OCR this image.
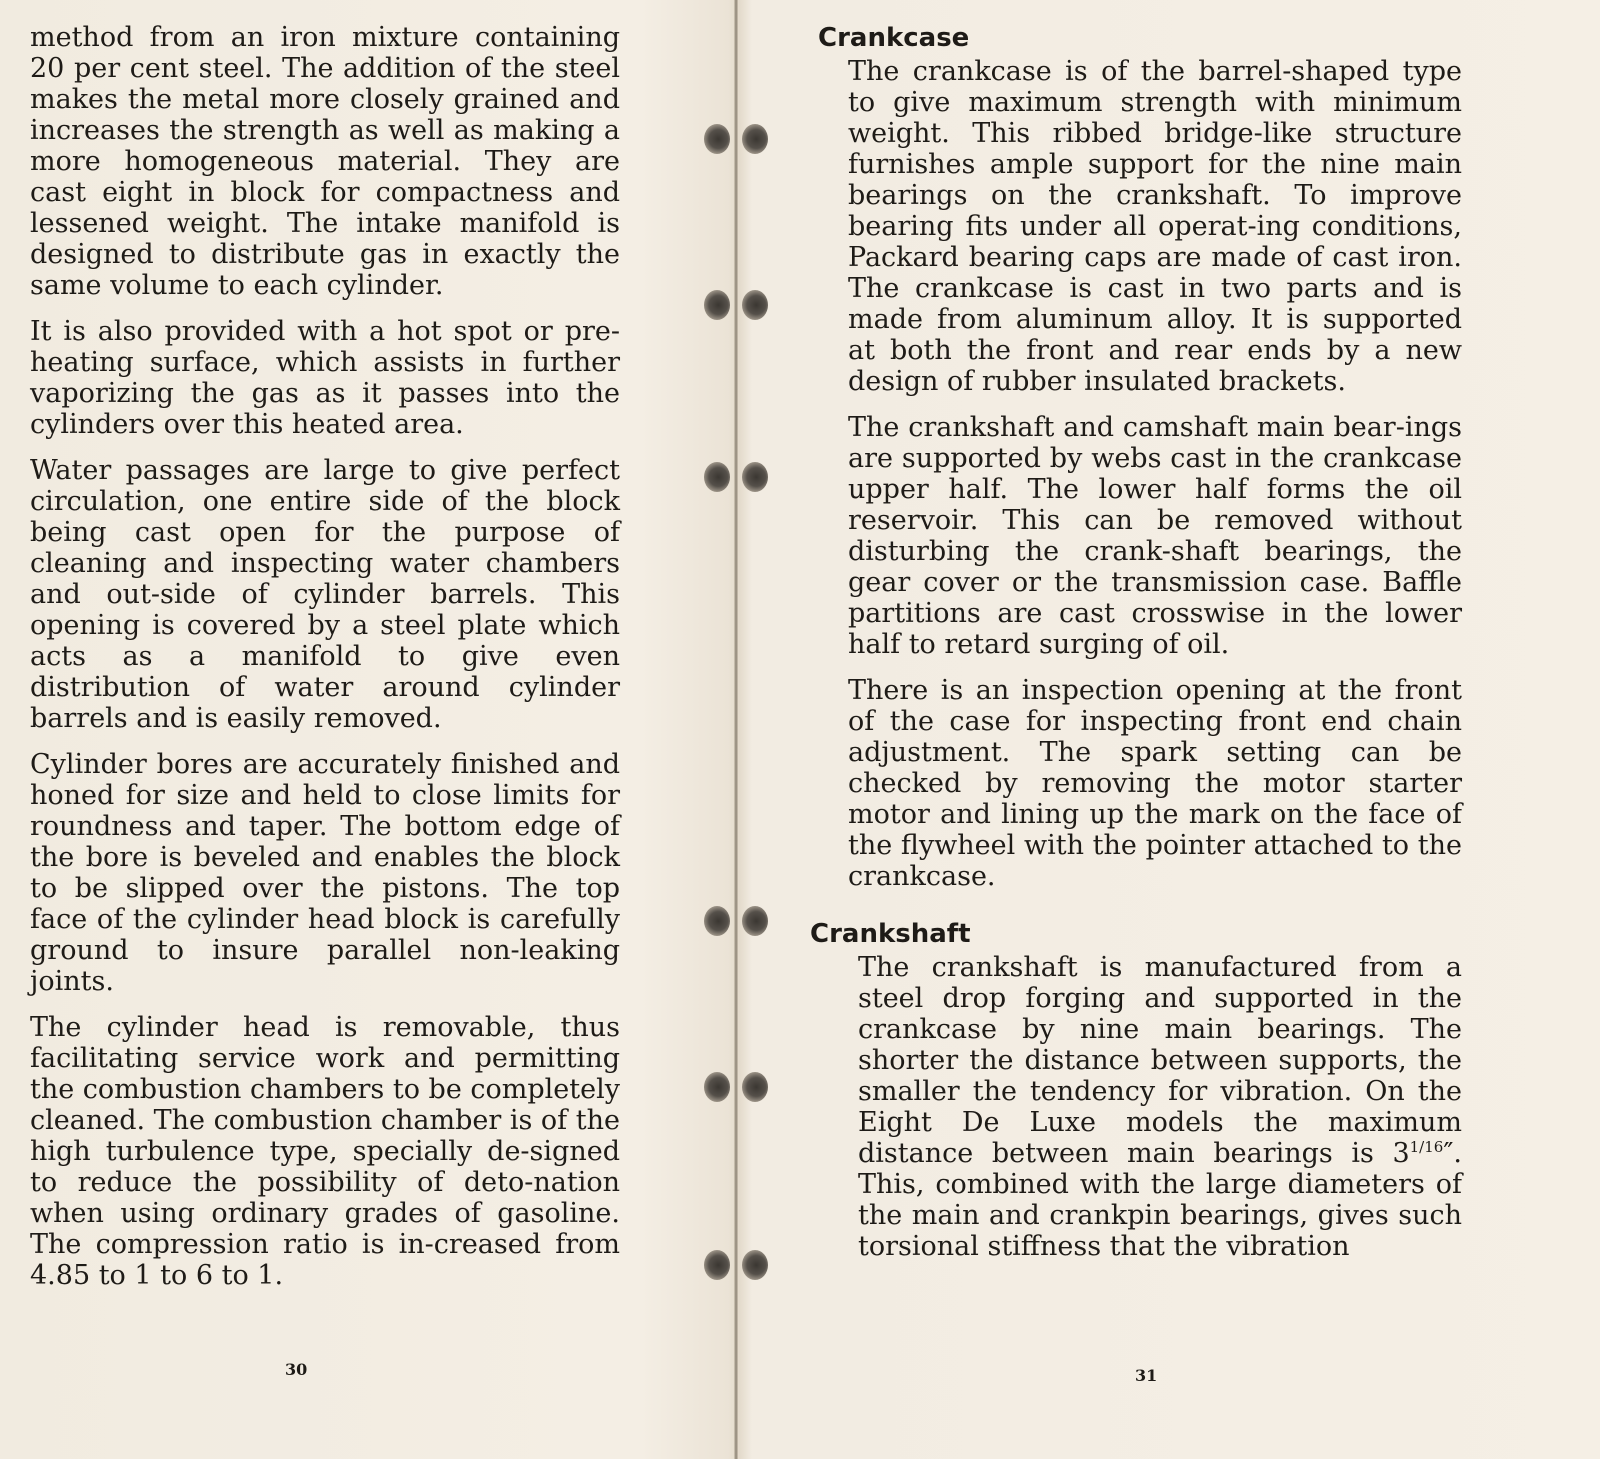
method from an iron mixture containing 20 per cent steel. The addition of the steel makes the metal more closely grained and increases the strength as well as making a more homogeneous material. They are cast eight in block for compactness and lessened weight. The intake manifold is designed to distribute gas in exactly the same volume to each cylinder.

It is also provided with a hot spot or pre-heating surface, which assists in further vaporizing the gas as it passes into the cylinders over this heated area.

Water passages are large to give perfect circulation, one entire side of the block being cast open for the purpose of cleaning and inspecting water chambers and out-side of cylinder barrels. This opening is covered by a steel plate which acts as a manifold to give even distribution of water around cylinder barrels and is easily removed.

Cylinder bores are accurately finished and honed for size and held to close limits for roundness and taper. The bottom edge of the bore is beveled and enables the block to be slipped over the pistons. The top face of the cylinder head block is carefully ground to insure parallel non-leaking joints.

The cylinder head is removable, thus facilitating service work and permitting the combustion chambers to be completely cleaned. The combustion chamber is of the high turbulence type, specially de-signed to reduce the possibility of deto-nation when using ordinary grades of gasoline. The compression ratio is in-creased from 4.85 to 1 to 6 to 1.

30
Crankcase

The crankcase is of the barrel-shaped type to give maximum strength with minimum weight. This ribbed bridge-like structure furnishes ample support for the nine main bearings on the crankshaft. To improve bearing fits under all operat-ing conditions, Packard bearing caps are made of cast iron. The crankcase is cast in two parts and is made from aluminum alloy. It is supported at both the front and rear ends by a new design of rubber insulated brackets.

The crankshaft and camshaft main bear-ings are supported by webs cast in the crankcase upper half. The lower half forms the oil reservoir. This can be removed without disturbing the crank-shaft bearings, the gear cover or the transmission case. Baffle partitions are cast crosswise in the lower half to retard surging of oil.

There is an inspection opening at the front of the case for inspecting front end chain adjustment. The spark setting can be checked by removing the motor starter motor and lining up the mark on the face of the flywheel with the pointer attached to the crankcase.

Crankshaft

The crankshaft is manufactured from a steel drop forging and supported in the crankcase by nine main bearings. The shorter the distance between supports, the smaller the tendency for vibration. On the Eight De Luxe models the maximum distance between main bearings is $3^{1/16}''$. This, combined with the large diameters of the main and crankpin bearings, gives such torsional stiffness that the vibration

31
